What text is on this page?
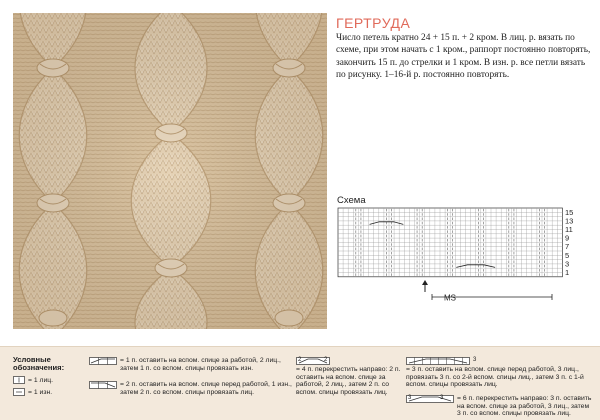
ГЕРТРУДА

Число петель кратно 24 + 15 п. + 2 кром. В лиц. р. вязать по схеме, при этом начать с 1 кром., раппорт постоянно повторять, закончить 15 п. до стрелки и 1 кром. В изн. р. все петли вязать по рисунку. 1–16-й р. постоянно повторять.

Схема

15
13
11
9
7
5
3
1
MS

Условные обозначения:

= 1 лиц.

= 1 изн.

= 1 п. оставить на вспом. спице за работой, 2 лиц., затем 1 п. со вспом. спицы провязать изн.

= 2 п. оставить на вспом. спице перед работой, 1 изн., затем 2 п. со вспом. спицы провязать лиц.

= 4 п. перекрестить направо: 2 п. оставить на вспом. спице за работой, 2 лиц., затем 2 п. со вспом. спицы провязать лиц.

2	2

= 3 п. оставить на вспом. спице перед работой, 3 лиц., провязать 3 п. со 2-й вспом. спицы лиц., затем 3 п. с 1-й вспом. спицы провязать лиц.

3
3	3 = 6 п. перекрестить направо: 3 п. оставить на вспом. спице за работой, 3 лиц., затем 3 п. со вспом. спицы провязать лиц.
